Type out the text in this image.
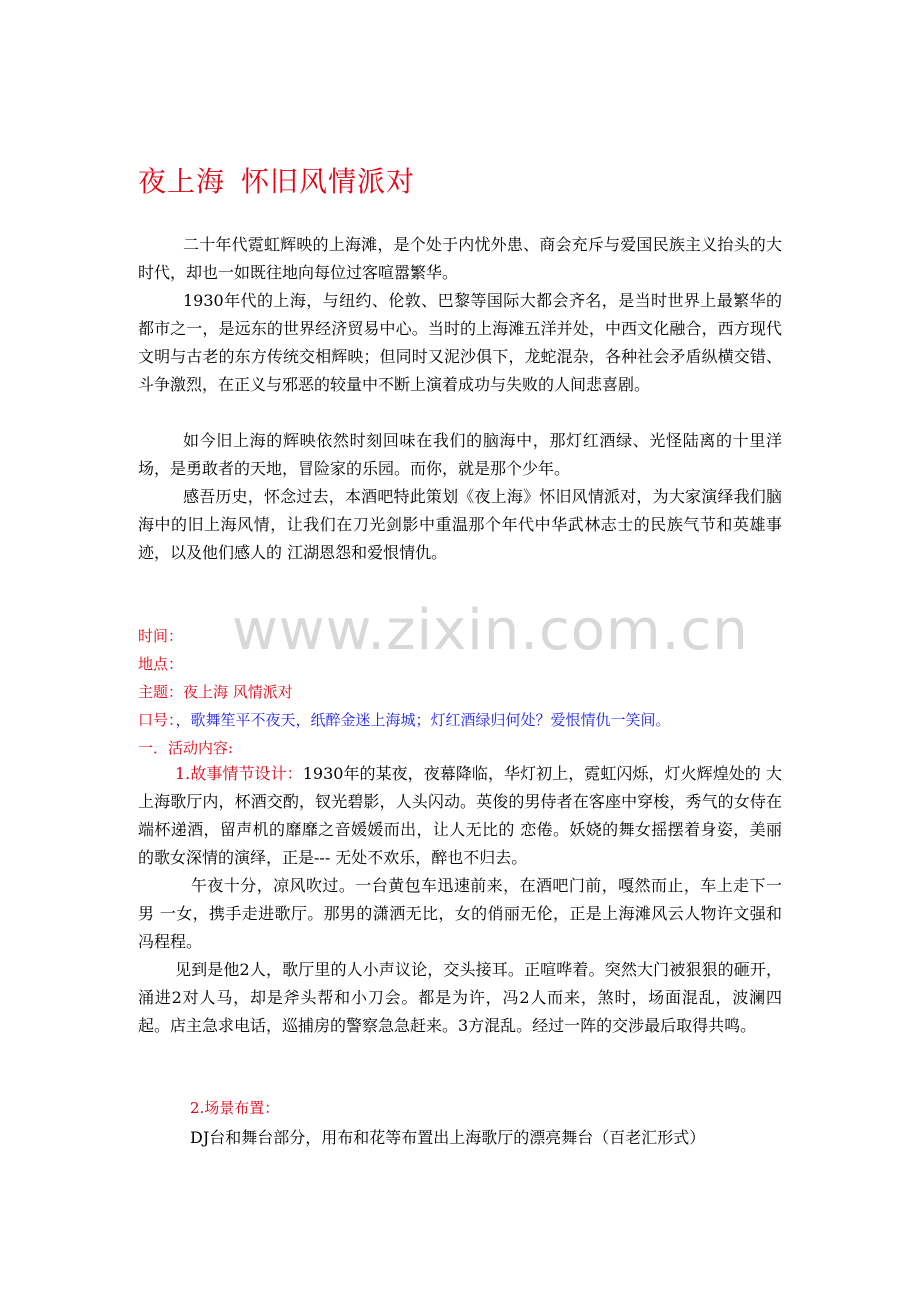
www.zixin.com.cn
夜上海 怀旧风情派对

二十年代霓虹辉映的上海滩，是个处于内忧外患、商会充斥与爱国民族主义抬头的大时代，却也一如既往地向每位过客喧嚣繁华。

1930年代的上海，与纽约、伦敦、巴黎等国际大都会齐名，是当时世界上最繁华的都市之一，是远东的世界经济贸易中心。当时的上海滩五洋并处，中西文化融合，西方现代文明与古老的东方传统交相辉映；但同时又泥沙俱下，龙蛇混杂，各种社会矛盾纵横交错、斗争激烈，在正义与邪恶的较量中不断上演着成功与失败的人间悲喜剧。

如今旧上海的辉映依然时刻回味在我们的脑海中，那灯红酒绿、光怪陆离的十里洋场，是勇敢者的天地，冒险家的乐园。而你，就是那个少年。

感吾历史，怀念过去，本酒吧特此策划《夜上海》怀旧风情派对，为大家演绎我们脑海中的旧上海风情，让我们在刀光剑影中重温那个年代中华武林志士的民族气节和英雄事迹，以及他们感人的 江湖恩怨和爱恨情仇。

时间：

地点：

主题：夜上海 风情派对

口号：，歌舞笙平不夜天，纸醉金迷上海城；灯红酒绿归何处？爱恨情仇一笑间。

一．活动内容:

1.故事情节设计：1930年的某夜，夜幕降临，华灯初上，霓虹闪烁，灯火辉煌处的 大上海歌厅内，杯酒交酌，钗光碧影，人头闪动。英俊的男侍者在客座中穿梭，秀气的女侍在端杯递酒，留声机的靡靡之音媛媛而出，让人无比的 恋倦。妖娆的舞女摇摆着身姿，美丽的歌女深情的演绎，正是--- 无处不欢乐，醉也不归去。

午夜十分，凉风吹过。一台黄包车迅速前来，在酒吧门前，嘎然而止，车上走下一男 一女，携手走进歌厅。那男的潇洒无比，女的俏丽无伦，正是上海滩风云人物许文强和冯程程。

见到是他2人，歌厅里的人小声议论，交头接耳。正喧哗着。突然大门被狠狠的砸开，涌进2对人马，却是斧头帮和小刀会。都是为许，冯2人而来，煞时，场面混乱，波澜四起。店主急求电话，巡捕房的警察急急赶来。3方混乱。经过一阵的交涉最后取得共鸣。

2.场景布置：

DJ台和舞台部分，用布和花等布置出上海歌厅的漂亮舞台（百老汇形式）
